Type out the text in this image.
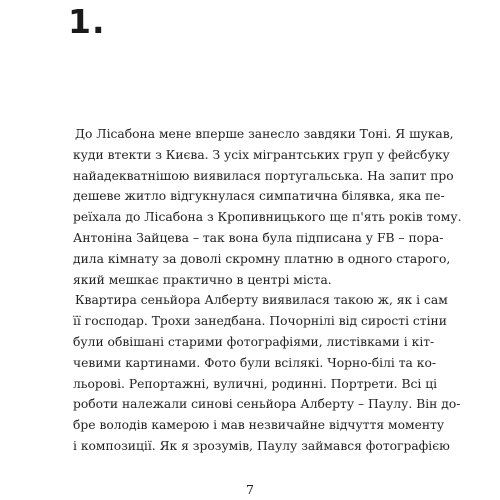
1.
До Лісабона мене вперше занесло завдяки Тоні. Я шукав,
куди втекти з Києва. З усіх мігрантських груп у фейсбуку
найадекватнішою виявилася португальська. На запит про
дешеве житло відгукнулася симпатична білявка, яка пе-
реїхала до Лісабона з Кропивницького ще п'ять років тому.
Антоніна Зайцева – так вона була підписана у FB – пора-
дила кімнату за доволі скромну платню в одного старого,
який мешкає практично в центрі міста.
Квартира сеньйора Алберту виявилася такою ж, як і сам
її господар. Трохи занедбана. Почорнілі від сирості стіни
були обвішані старими фотографіями, листівками і кіт-
чевими картинами. Фото були всілякі. Чорно-білі та ко-
льорові. Репортажні, вуличні, родинні. Портрети. Всі ці
роботи належали синові сеньйора Алберту – Паулу. Він до-
бре володів камерою і мав незвичайне відчуття моменту
і композиції. Як я зрозумів, Паулу займався фотографією
7
